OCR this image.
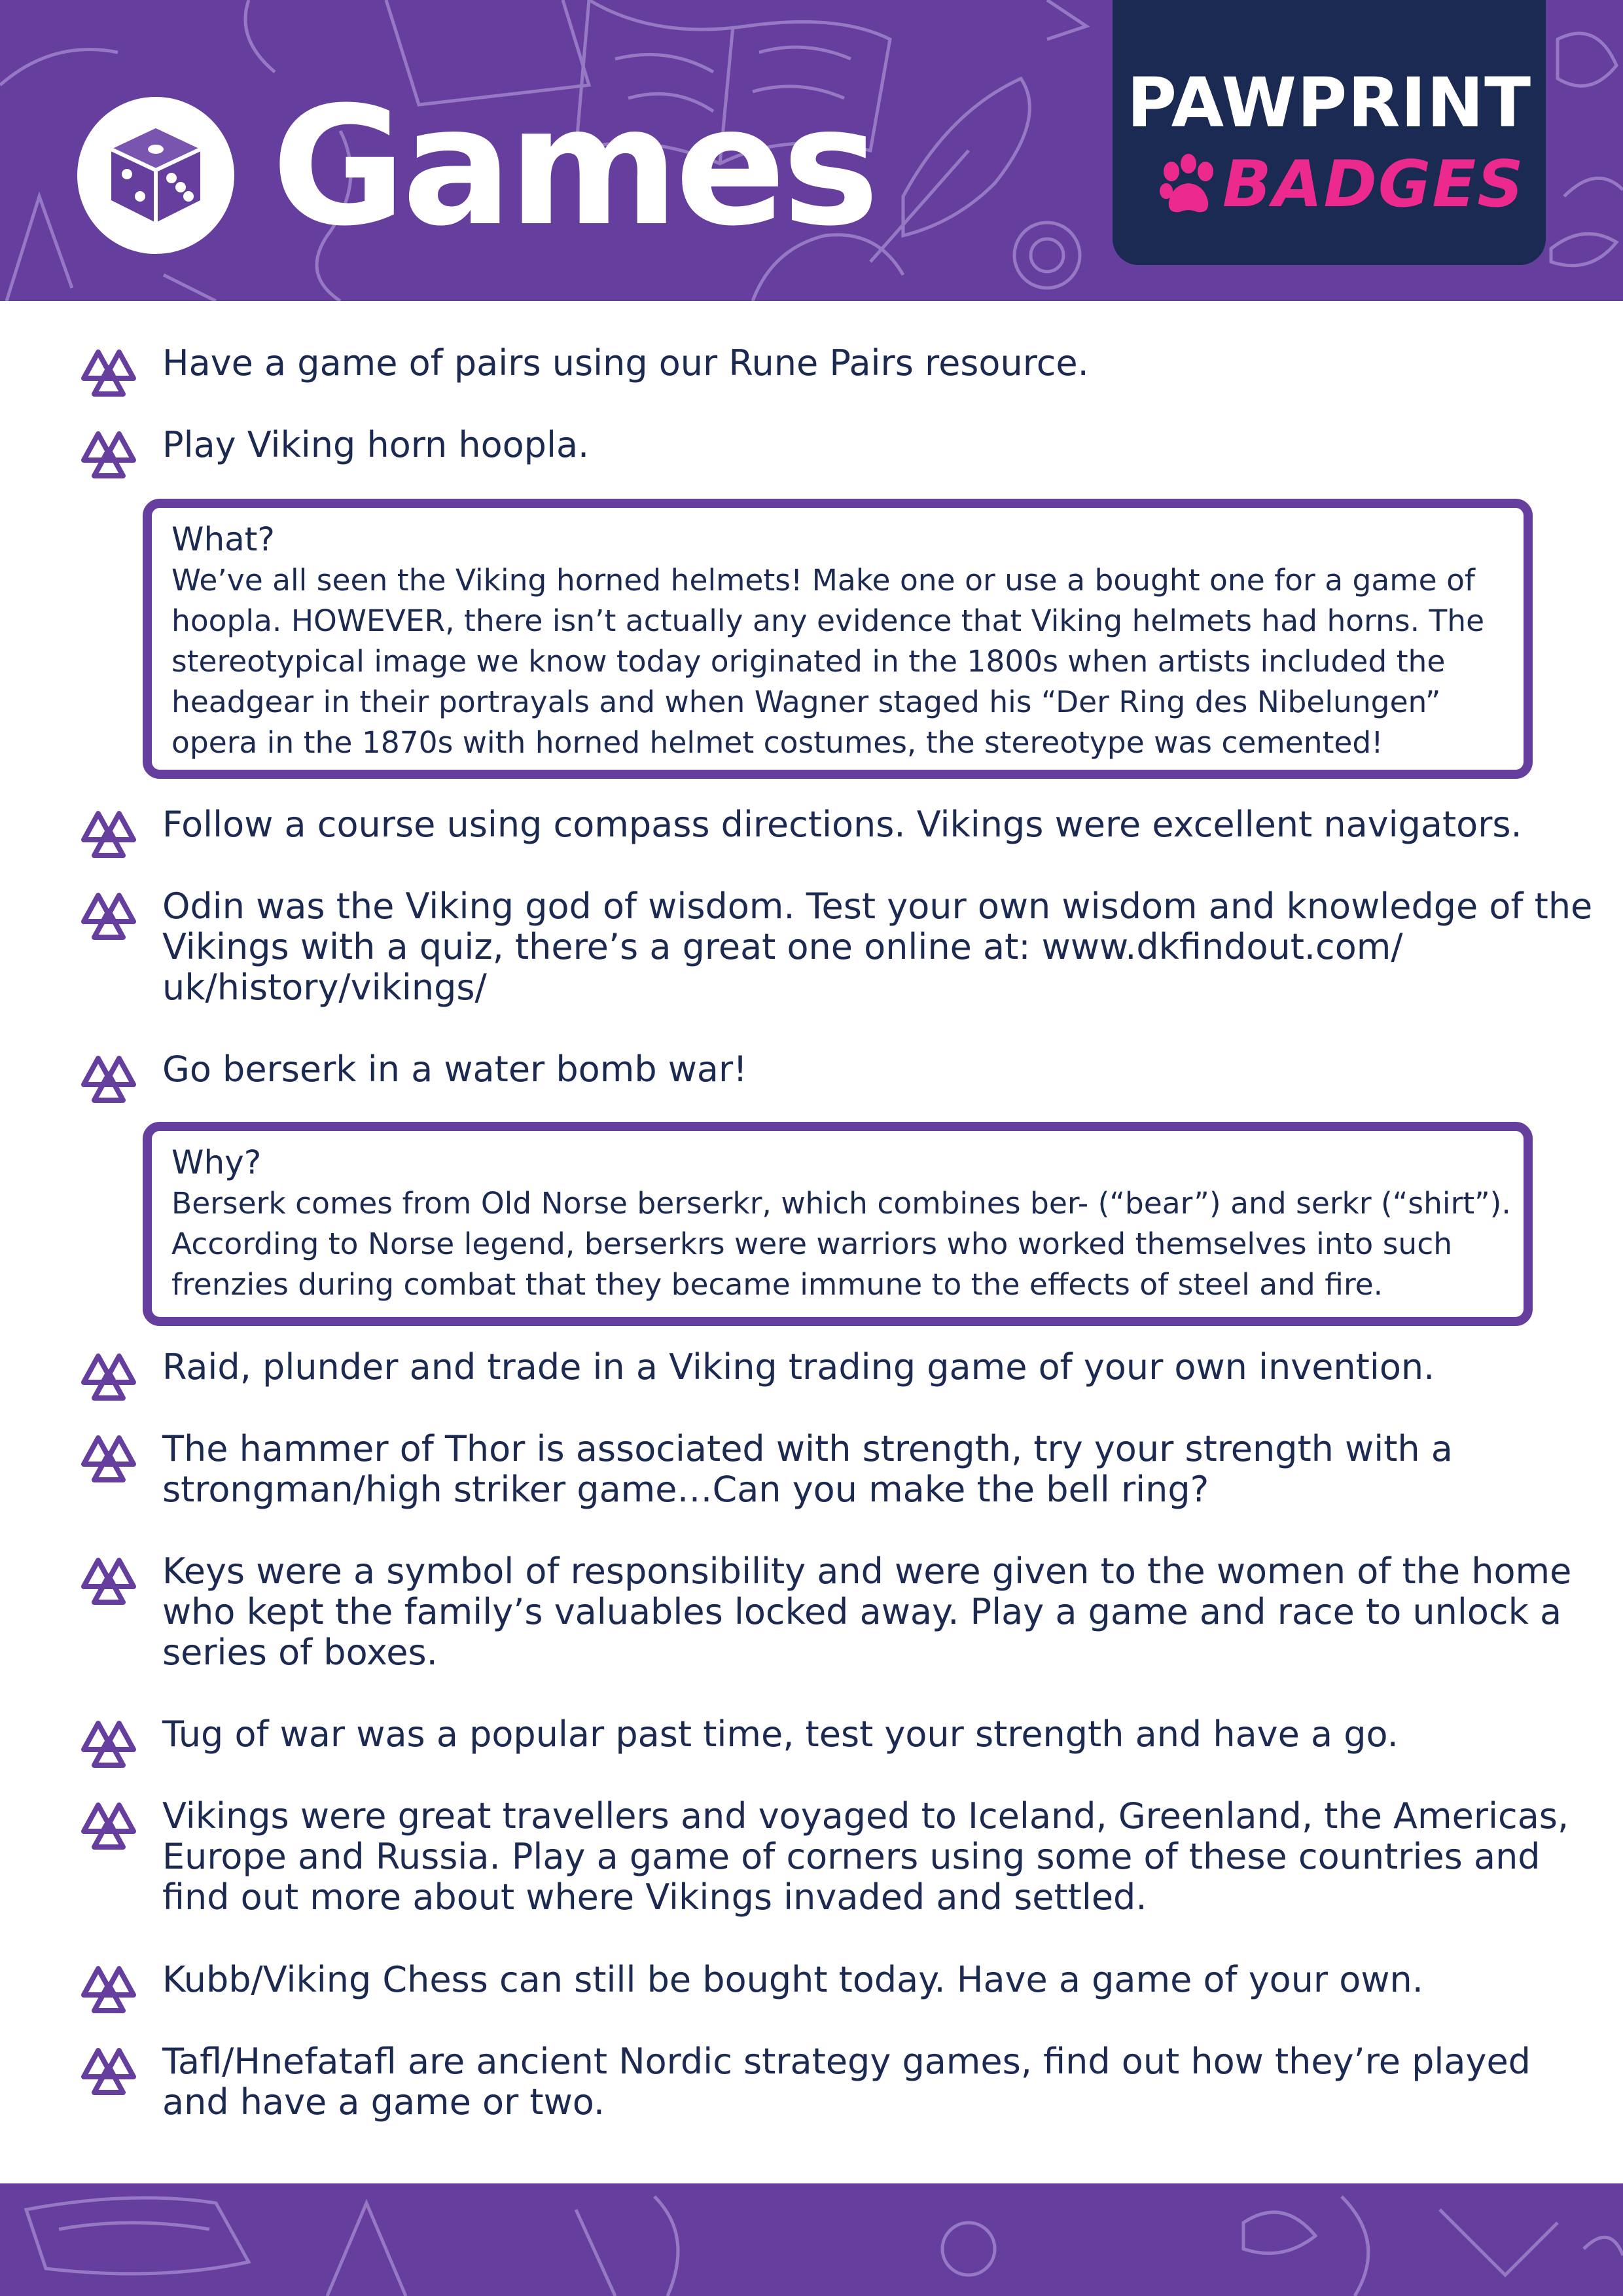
Games	PAWPRINT
BADGES
Have a game of pairs using our Rune Pairs resource.
Play Viking horn hoopla.
What?
We’ve all seen the Viking horned helmets! Make one or use a bought one for a game of hoopla. HOWEVER, there isn’t actually any evidence that Viking helmets had horns. The stereotypical image we know today originated in the 1800s when artists included the headgear in their portrayals and when Wagner staged his “Der Ring des Nibelungen” opera in the 1870s with horned helmet costumes, the stereotype was cemented!
Follow a course using compass directions. Vikings were excellent navigators.
Odin was the Viking god of wisdom. Test your own wisdom and knowledge of the Vikings with a quiz, there’s a great one online at: www.dkfindout.com/ uk/history/vikings/
Go berserk in a water bomb war!
Why?
Berserk comes from Old Norse berserkr, which combines ber- (“bear”) and serkr (“shirt”). According to Norse legend, berserkrs were warriors who worked themselves into such frenzies during combat that they became immune to the effects of steel and fire.
Raid, plunder and trade in a Viking trading game of your own invention.
The hammer of Thor is associated with strength, try your strength with a strongman/high striker game…Can you make the bell ring?
Keys were a symbol of responsibility and were given to the women of the home who kept the family’s valuables locked away. Play a game and race to unlock a series of boxes.
Tug of war was a popular past time, test your strength and have a go.
Vikings were great travellers and voyaged to Iceland, Greenland, the Americas, Europe and Russia. Play a game of corners using some of these countries and find out more about where Vikings invaded and settled.
Kubb/Viking Chess can still be bought today. Have a game of your own.
Tafl/Hnefatafl are ancient Nordic strategy games, find out how they’re played and have a game or two.
